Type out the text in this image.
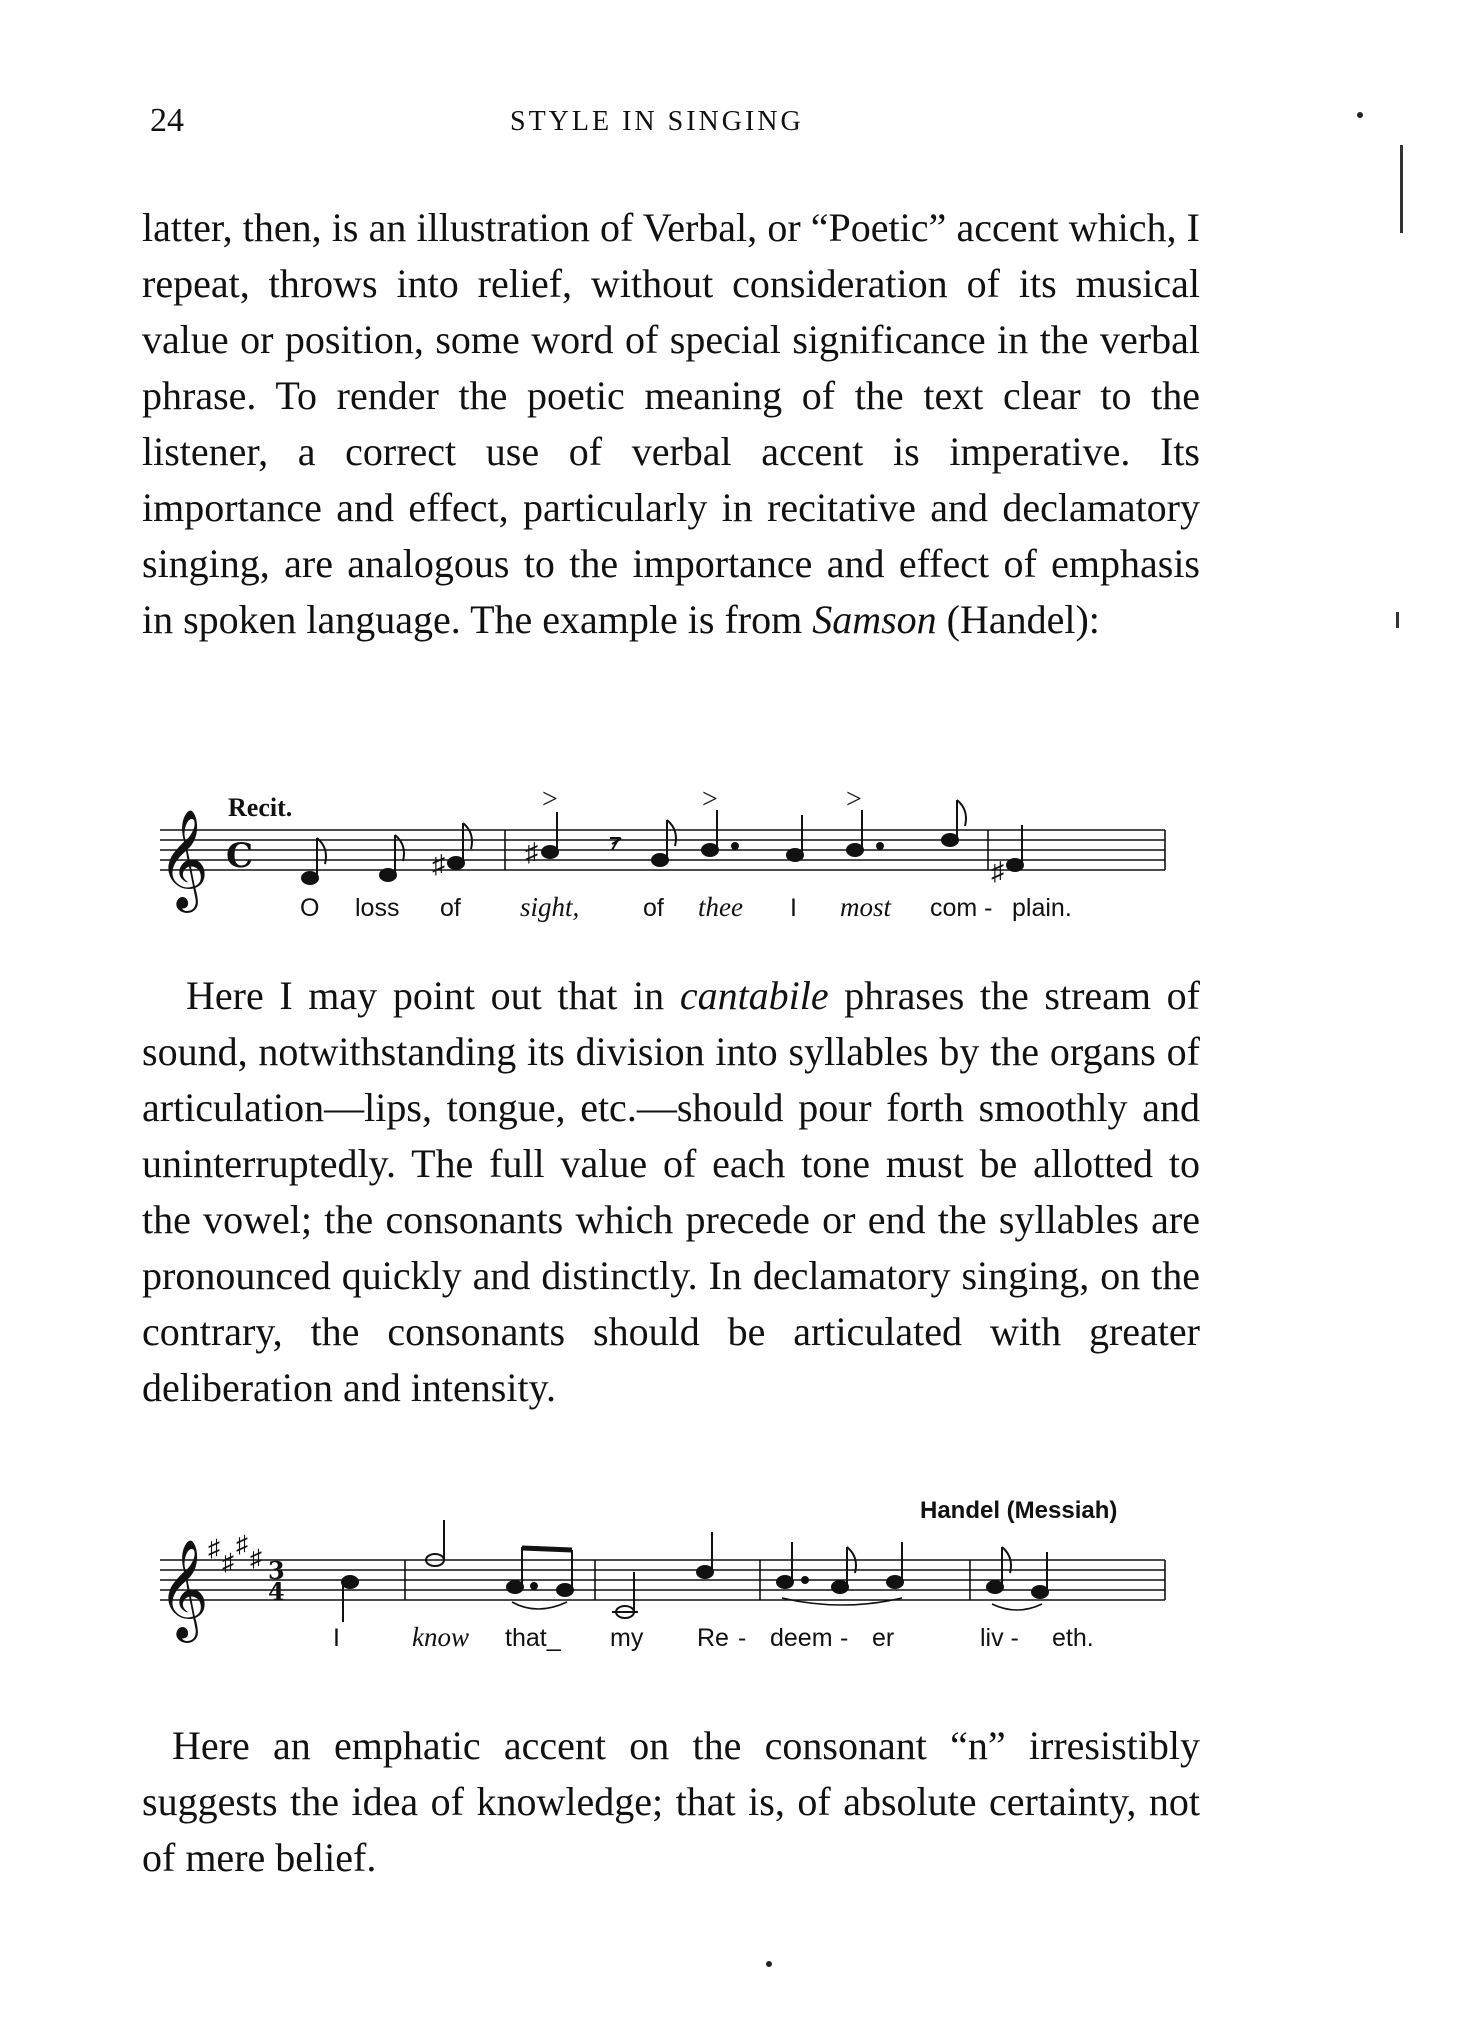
24	STYLE IN SINGING

latter, then, is an illustration of Verbal, or “Poetic” accent which, I repeat, throws into relief, without consideration of its musical value or position, some word of special significance in the verbal phrase. To render the poetic meaning of the text clear to the listener, a correct use of verbal accent is imperative. Its importance and effect, particularly in recitative and declamatory singing, are analogous to the importance and effect of emphasis in spoken language. The example is from Samson (Handel):

𝄞 C
Recit.
♯
♯	♯
>	>	>
O loss of sight,	of thee I most com - plain.

Here I may point out that in cantabile phrases the stream of sound, notwithstanding its division into syllables by the organs of articulation—lips, tongue, etc.—should pour forth smoothly and uninterruptedly. The full value of each tone must be allotted to the vowel; the consonants which precede or end the syllables are pronounced quickly and distinctly. In declamatory singing, on the contrary, the consonants should be articulated with greater deliberation and intensity.

Handel (Messiah)
𝄞 ♯
♯
♯
♯ 3
4
I	know that_ my Re - deem - er	liv - eth.

Here an emphatic accent on the consonant “n” irresistibly suggests the idea of knowledge; that is, of absolute certainty, not of mere belief.
